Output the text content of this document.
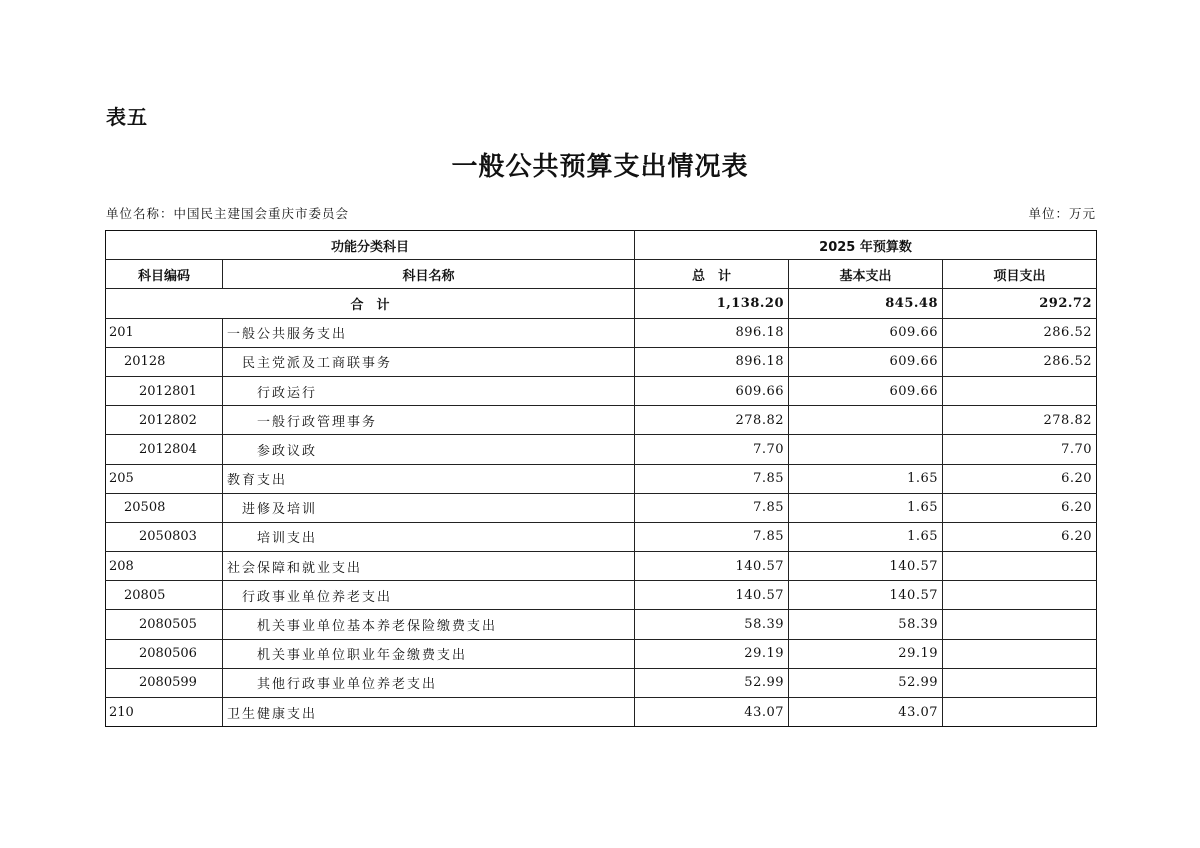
表五
一般公共预算支出情况表
单位名称：中国民主建国会重庆市委员会	单位：万元
功能分类科目		2025 年预算数		
科目编码	科目名称	总　计	基本支出	项目支出
合　计		1,138.20	845.48	292.72
201	一般公共服务支出	896.18	609.66	286.52
20128	民主党派及工商联事务	896.18	609.66	286.52
2012801	行政运行	609.66	609.66	
2012802	一般行政管理事务	278.82		278.82
2012804	参政议政	7.70		7.70
205	教育支出	7.85	1.65	6.20
20508	进修及培训	7.85	1.65	6.20
2050803	培训支出	7.85	1.65	6.20
208	社会保障和就业支出	140.57	140.57	
20805	行政事业单位养老支出	140.57	140.57	
2080505	机关事业单位基本养老保险缴费支出	58.39	58.39	
2080506	机关事业单位职业年金缴费支出	29.19	29.19	
2080599	其他行政事业单位养老支出	52.99	52.99	
210	卫生健康支出	43.07	43.07	
